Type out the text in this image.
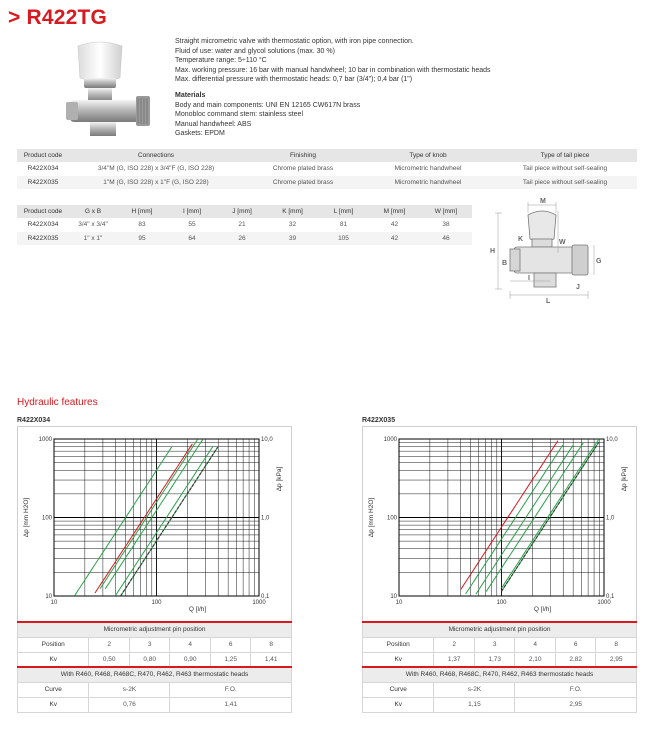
> R422TG
Straight micrometric valve with thermostatic option, with iron pipe connection.
Fluid of use: water and glycol solutions (max. 30 %)
Temperature range: 5÷110 °C
Max. working pressure: 16 bar with manual handwheel; 10 bar in combination with thermostatic heads
Max. differential pressure with thermostatic heads: 0,7 bar (3/4"); 0,4 bar (1")
Materials
Body and main components: UNI EN 12165 CW617N brass
Monobloc command stem: stainless steel
Manual handwheel: ABS
Gaskets: EPDM
Product code	Connections	Finishing	Type of knob	Type of tail piece
R422X034	3/4"M (G, ISO 228) x 3/4"F (G, ISO 228)	Chrome plated brass	Micrometric handwheel	Tail piece without self-sealing
R422X035	1"M (G, ISO 228) x 1"F (G, ISO 228)	Chrome plated brass	Micrometric handwheel	Tail piece without self-sealing
Product code	G x B	H [mm]	I [mm]	J [mm]	K [mm]	L [mm]	M [mm]	W [mm]
R422X034	3/4" x 3/4"	83	55	21	32	81	42	38
R422X035	1" x 1"	95	64	26	39	105	42	46
M
W
K
H
B
I
J
G
L
Hydraulic features
R422X034
10	100	1000
1000	10,0
100	1,0
10	0,1
Q [l/h]
Δp [mm H2O]
Δp [kPa]
Micrometric adjustment pin position					
Position	2	3	4	6	8
Kv	0,50	0,80	0,90	1,25	1,41
With R460, R468, R468C, R470, R462, R463 thermostatic heads					
Curve	s-2K		F.O.		
Kv	0,76		1,41		
R422X035
10	100	1000
1000	10,0
100	1,0
10	0,1
Q [l/h]
Δp [mm H2O]
Δp [kPa]
Micrometric adjustment pin position					
Position	2	3	4	6	8
Kv	1,37	1,73	2,10	2,82	2,95
With R460, R468, R468C, R470, R462, R463 thermostatic heads					
Curve	s-2K		F.O.		
Kv	1,15		2,95		
